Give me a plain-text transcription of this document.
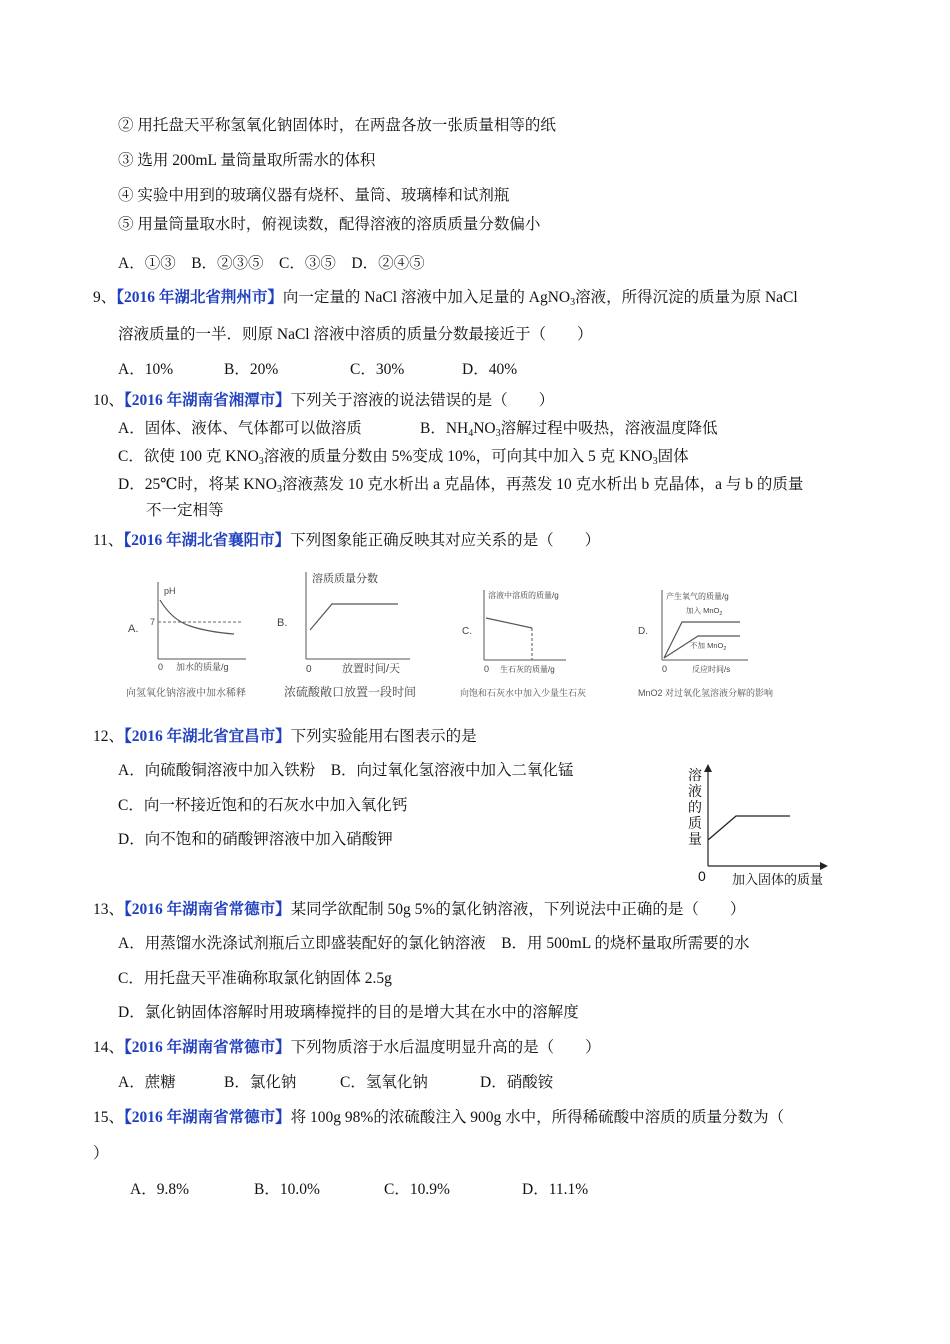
② 用托盘天平称氢氧化钠固体时，在两盘各放一张质量相等的纸
③ 选用 200mL 量筒量取所需水的体积
④ 实验中用到的玻璃仪器有烧杯、量筒、玻璃棒和试剂瓶
⑤ 用量筒量取水时，俯视读数，配得溶液的溶质质量分数偏小
A．①③ B．②③⑤ C．③⑤ D．②④⑤
9、【2016 年湖北省荆州市】向一定量的 NaCl 溶液中加入足量的 AgNO$_3$溶液，所得沉淀的质量为原 NaCl
溶液质量的一半．则原 NaCl 溶液中溶质的质量分数最接近于（　　）
A．10%	B．20%	C．30%	D．40%
10、【2016 年湖南省湘潭市】下列关于溶液的说法错误的是（　　）
A．固体、液体、气体都可以做溶质	B．$NH_4NO_3$溶解过程中吸热，溶液温度降低
C．欲使 100 克 $KNO_3$溶液的质量分数由 5%变成 10%，可向其中加入 5 克 $KNO_3$固体
D．25℃时，将某 $KNO_3$溶液蒸发 10 克水析出 a 克晶体，再蒸发 10 克水析出 b 克晶体，a 与 b 的质量
不一定相等
11、【2016 年湖北省襄阳市】下列图象能正确反映其对应关系的是（　　）
A.
pH
7
0 加水的质量/g
向氢氧化钠溶液中加水稀释
B.
溶质质量分数
0	放置时间/天
浓硫酸敞口放置一段时间
C.
溶液中溶质的质量/g
0 生石灰的质量/g
向饱和石灰水中加入少量生石灰
D.
产生氧气的质量/g
加入 MnO$_2$
不加 MnO$_2$
0	反应时间/s
MnO2 对过氧化氢溶液分解的影响
12、【2016 年湖北省宜昌市】下列实验能用右图表示的是
A．向硫酸铜溶液中加入铁粉　B．向过氧化氢溶液中加入二氧化锰
C．向一杯接近饱和的石灰水中加入氧化钙
D．向不饱和的硝酸钾溶液中加入硝酸钾
溶
液
的
质
量
0 加入固体的质量
13、【2016 年湖南省常德市】某同学欲配制 50g 5%的氯化钠溶液，下列说法中正确的是（　　）
A．用蒸馏水洗涤试剂瓶后立即盛装配好的氯化钠溶液　B．用 500mL 的烧杯量取所需要的水
C．用托盘天平准确称取氯化钠固体 2.5g
D．氯化钠固体溶解时用玻璃棒搅拌的目的是增大其在水中的溶解度
14、【2016 年湖南省常德市】下列物质溶于水后温度明显升高的是（　　）
A．蔗糖	B．氯化钠	C．氢氧化钠	D．硝酸铵
15、【2016 年湖南省常德市】将 100g 98%的浓硫酸注入 900g 水中，所得稀硫酸中溶质的质量分数为（
）
A．9.8%	B．10.0%	C．10.9%	D．11.1%
